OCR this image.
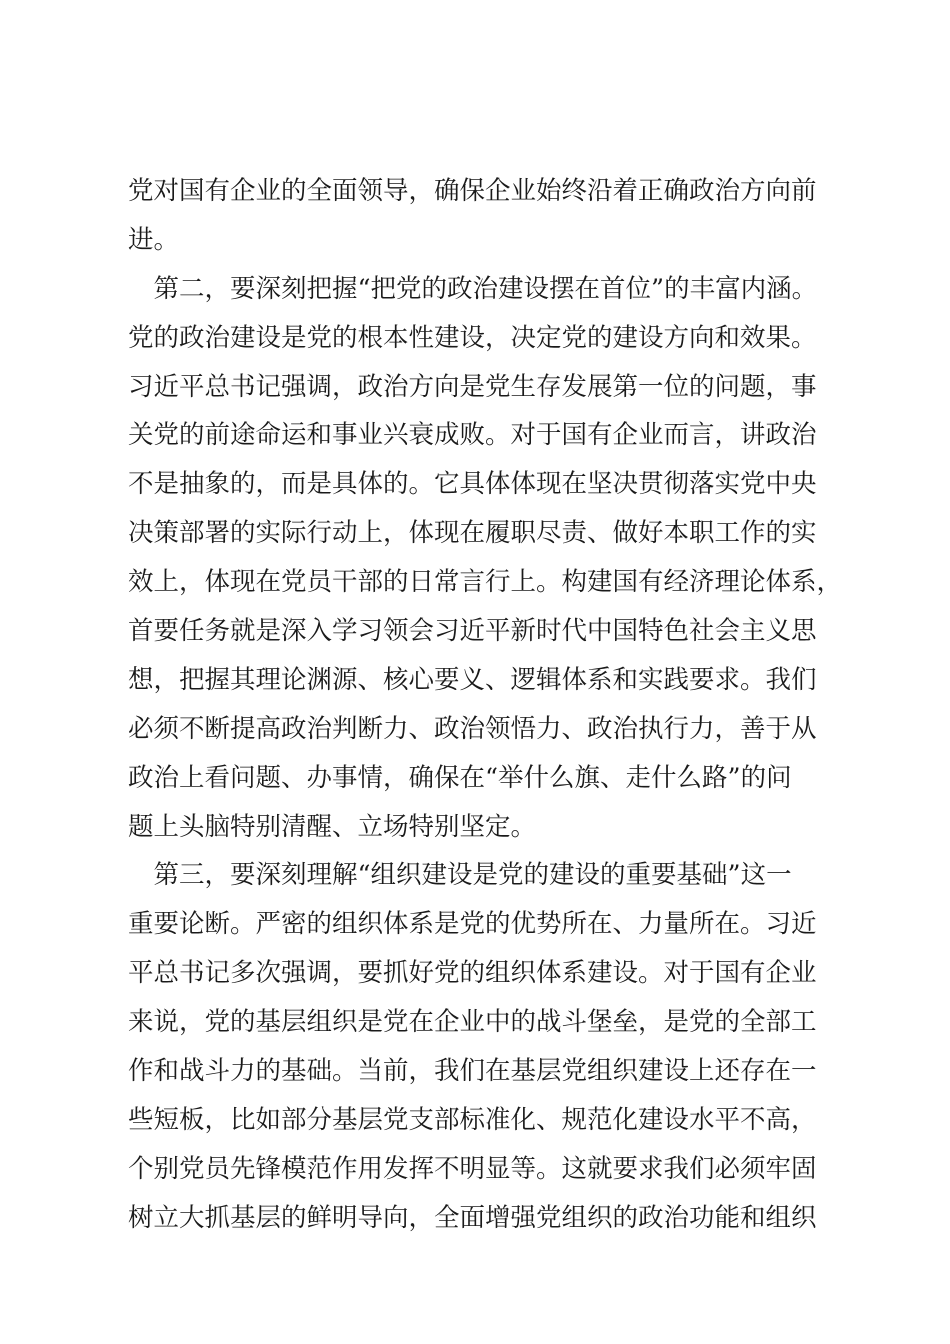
党对国有企业的全面领导，确保企业始终沿着正确政治方向前
进。
　第二，要深刻把握“把党的政治建设摆在首位”的丰富内涵。
党的政治建设是党的根本性建设，决定党的建设方向和效果。
习近平总书记强调，政治方向是党生存发展第一位的问题，事
关党的前途命运和事业兴衰成败。对于国有企业而言，讲政治
不是抽象的，而是具体的。它具体体现在坚决贯彻落实党中央
决策部署的实际行动上，体现在履职尽责、做好本职工作的实
效上，体现在党员干部的日常言行上。构建国有经济理论体系，
首要任务就是深入学习领会习近平新时代中国特色社会主义思
想，把握其理论渊源、核心要义、逻辑体系和实践要求。我们
必须不断提高政治判断力、政治领悟力、政治执行力，善于从
政治上看问题、办事情，确保在“举什么旗、走什么路”的问
题上头脑特别清醒、立场特别坚定。
　第三，要深刻理解“组织建设是党的建设的重要基础”这一
重要论断。严密的组织体系是党的优势所在、力量所在。习近
平总书记多次强调，要抓好党的组织体系建设。对于国有企业
来说，党的基层组织是党在企业中的战斗堡垒，是党的全部工
作和战斗力的基础。当前，我们在基层党组织建设上还存在一
些短板，比如部分基层党支部标准化、规范化建设水平不高，
个别党员先锋模范作用发挥不明显等。这就要求我们必须牢固
树立大抓基层的鲜明导向，全面增强党组织的政治功能和组织
